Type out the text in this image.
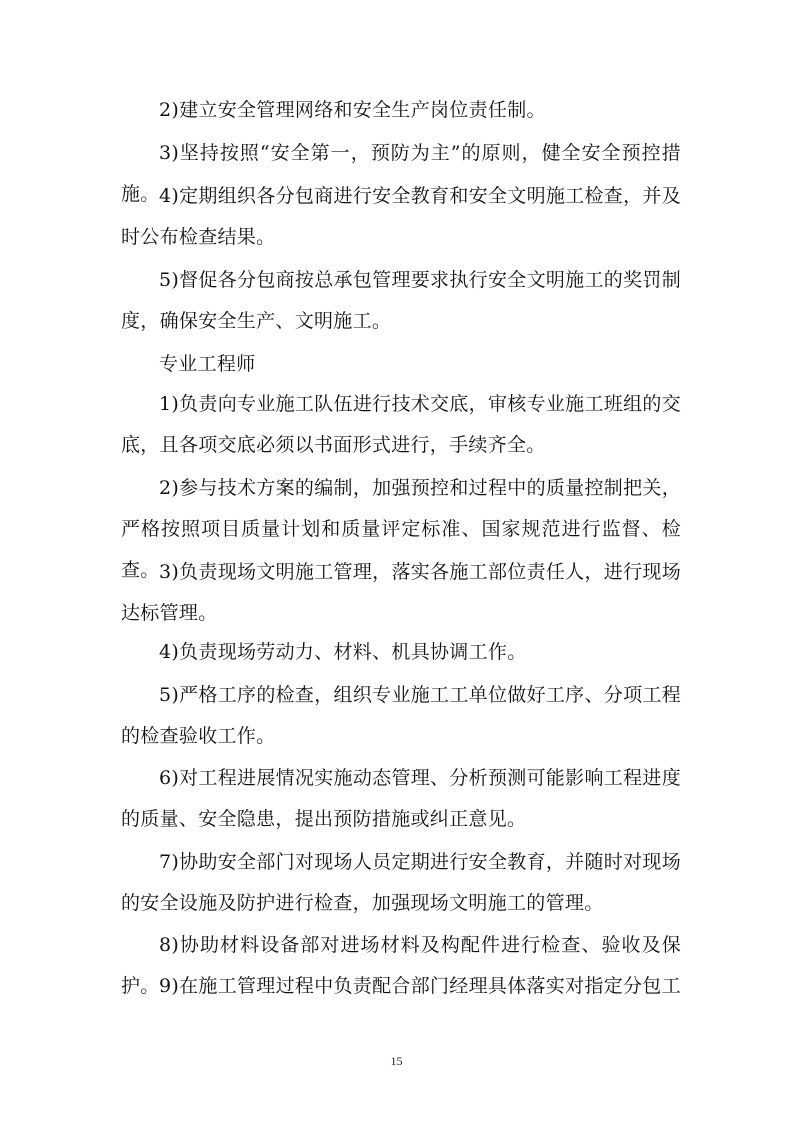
2)建立安全管理网络和安全生产岗位责任制。

3)坚持按照“安全第一，预防为主”的原则，健全安全预控措施。 4)定期组织各分包商进行安全教育和安全文明施工检查，并及时公布检查结果。

5)督促各分包商按总承包管理要求执行安全文明施工的奖罚制度，确保安全生产、文明施工。

专业工程师

1)负责向专业施工队伍进行技术交底，审核专业施工班组的交底，且各项交底必须以书面形式进行，手续齐全。

2)参与技术方案的编制，加强预控和过程中的质量控制把关，严格按照项目质量计划和质量评定标准、国家规范进行监督、检查。 3)负责现场文明施工管理，落实各施工部位责任人，进行现场达标管理。

4)负责现场劳动力、材料、机具协调工作。

5)严格工序的检查，组织专业施工工单位做好工序、分项工程的检查验收工作。

6)对工程进展情况实施动态管理、分析预测可能影响工程进度的质量、安全隐患，提出预防措施或纠正意见。

7)协助安全部门对现场人员定期进行安全教育，并随时对现场的安全设施及防护进行检查，加强现场文明施工的管理。

8)协助材料设备部对进场材料及构配件进行检查、验收及保护。 9)在施工管理过程中负责配合部门经理具体落实对指定分包工

15
